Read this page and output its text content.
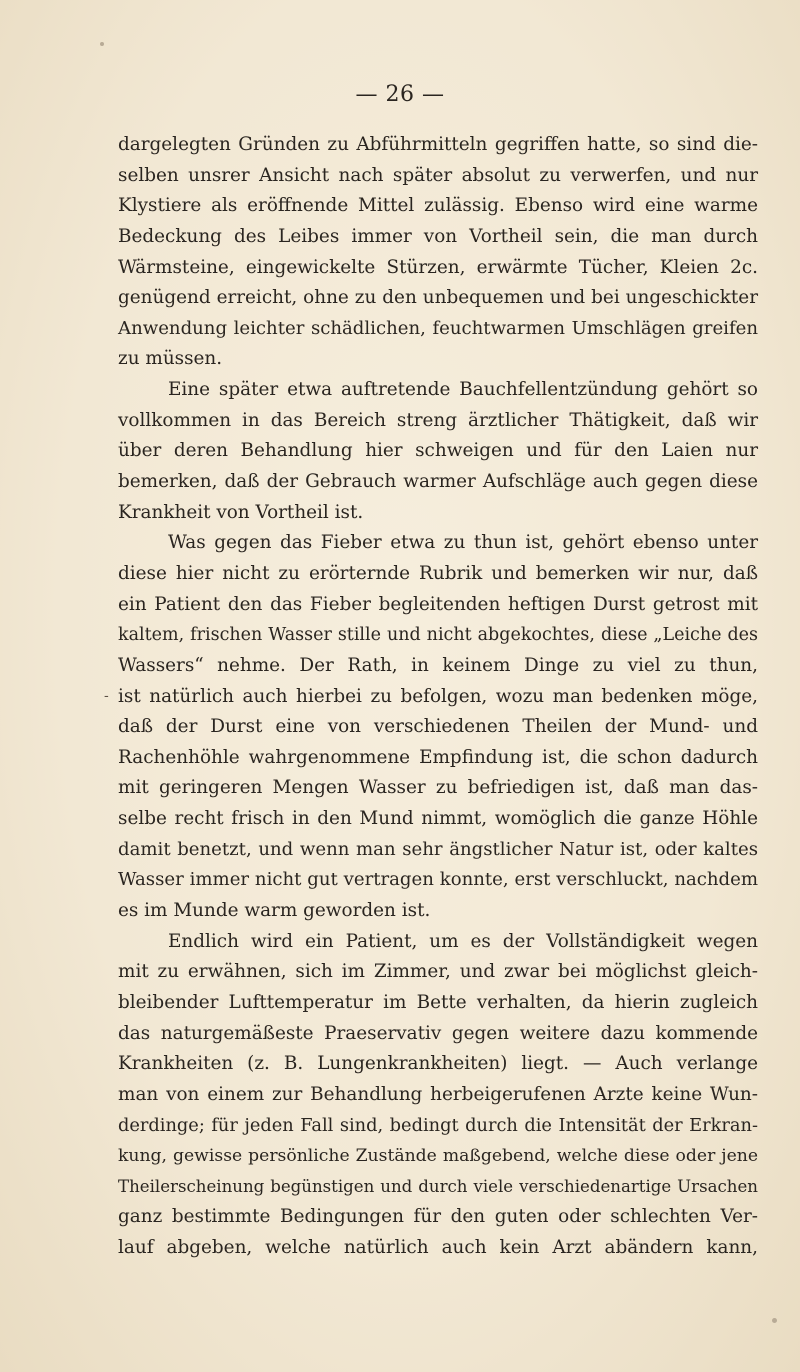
— 26 —
-
dargelegten Gründen zu Abführmitteln gegriffen hatte, so sind die-
selben unsrer Ansicht nach später absolut zu verwerfen, und nur
Klystiere als eröffnende Mittel zulässig. Ebenso wird eine warme
Bedeckung des Leibes immer von Vortheil sein, die man durch
Wärmsteine, eingewickelte Stürzen, erwärmte Tücher, Kleien 2c.
genügend erreicht, ohne zu den unbequemen und bei ungeschickter
Anwendung leichter schädlichen, feuchtwarmen Umschlägen greifen
zu müssen.
Eine später etwa auftretende Bauchfellentzündung gehört so
vollkommen in das Bereich streng ärztlicher Thätigkeit, daß wir
über deren Behandlung hier schweigen und für den Laien nur
bemerken, daß der Gebrauch warmer Aufschläge auch gegen diese
Krankheit von Vortheil ist.
Was gegen das Fieber etwa zu thun ist, gehört ebenso unter
diese hier nicht zu erörternde Rubrik und bemerken wir nur, daß
ein Patient den das Fieber begleitenden heftigen Durst getrost mit
kaltem, frischen Wasser stille und nicht abgekochtes, diese „Leiche des
Wassers“ nehme. Der Rath, in keinem Dinge zu viel zu thun,
ist natürlich auch hierbei zu befolgen, wozu man bedenken möge,
daß der Durst eine von verschiedenen Theilen der Mund- und
Rachenhöhle wahrgenommene Empfindung ist, die schon dadurch
mit geringeren Mengen Wasser zu befriedigen ist, daß man das-
selbe recht frisch in den Mund nimmt, womöglich die ganze Höhle
damit benetzt, und wenn man sehr ängstlicher Natur ist, oder kaltes
Wasser immer nicht gut vertragen konnte, erst verschluckt, nachdem
es im Munde warm geworden ist.
Endlich wird ein Patient, um es der Vollständigkeit wegen
mit zu erwähnen, sich im Zimmer, und zwar bei möglichst gleich-
bleibender Lufttemperatur im Bette verhalten, da hierin zugleich
das naturgemäßeste Praeservativ gegen weitere dazu kommende
Krankheiten (z. B. Lungenkrankheiten) liegt. — Auch verlange
man von einem zur Behandlung herbeigerufenen Arzte keine Wun-
derdinge; für jeden Fall sind, bedingt durch die Intensität der Erkran-
kung, gewisse persönliche Zustände maßgebend, welche diese oder jene
Theilerscheinung begünstigen und durch viele verschiedenartige Ursachen
ganz bestimmte Bedingungen für den guten oder schlechten Ver-
lauf abgeben, welche natürlich auch kein Arzt abändern kann,
